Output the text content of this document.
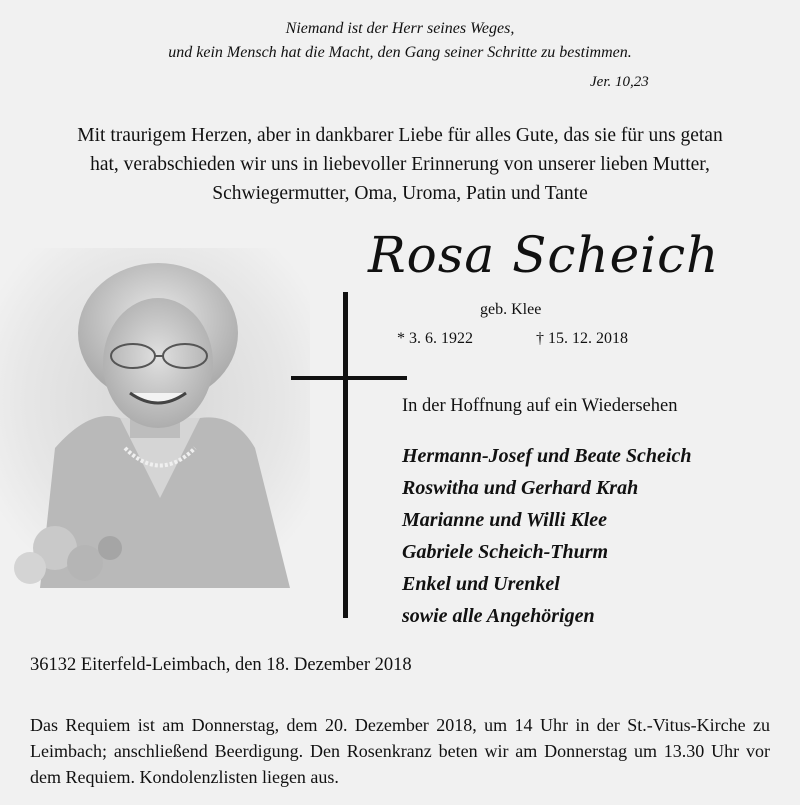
Niemand ist der Herr seines Weges,
und kein Mensch hat die Macht, den Gang seiner Schritte zu bestimmen.
Jer. 10,23
Mit traurigem Herzen, aber in dankbarer Liebe für alles Gute, das sie für uns getan
hat, verabschieden wir uns in liebevoller Erinnerung von unserer lieben Mutter,
Schwiegermutter, Oma, Uroma, Patin und Tante
Rosa Scheich
geb. Klee
* 3. 6. 1922	† 15. 12. 2018
In der Hoffnung auf ein Wiedersehen
Hermann-Josef und Beate Scheich
Roswitha und Gerhard Krah
Marianne und Willi Klee
Gabriele Scheich-Thurm
Enkel und Urenkel
sowie alle Angehörigen
36132 Eiterfeld-Leimbach, den 18. Dezember 2018
Das Requiem ist am Donnerstag, dem 20. Dezember 2018, um 14 Uhr in der St.-Vitus-Kirche zu Leimbach; anschließend Beerdigung. Den Rosenkranz beten wir am Donnerstag um 13.30 Uhr vor dem Requiem. Kondolenzlisten liegen aus.
